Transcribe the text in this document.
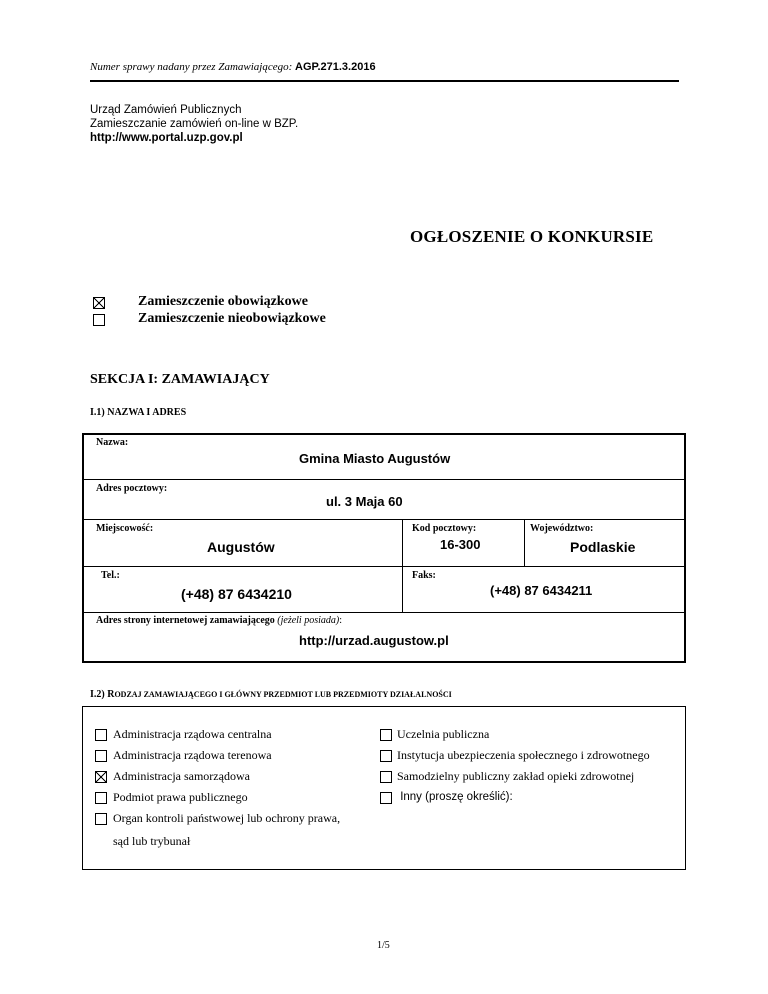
Numer sprawy nadany przez Zamawiającego: AGP.271.3.2016
Urząd Zamówień Publicznych
Zamieszczanie zamówień on-line w BZP.
http://www.portal.uzp.gov.pl
OGŁOSZENIE O KONKURSIE
Zamieszczenie obowiązkowe
Zamieszczenie nieobowiązkowe
SEKCJA I: ZAMAWIAJĄCY
I.1) NAZWA I ADRES
Nazwa:
Gmina Miasto Augustów
Adres pocztowy:
ul. 3 Maja 60
Miejscowość:
Augustów
Kod pocztowy:
16-300
Województwo:
Podlaskie
Tel.:
(+48) 87 6434210
Faks:
(+48) 87 6434211
Adres strony internetowej zamawiającego (jeżeli posiada):
http://urzad.augustow.pl
I.2) RODZAJ ZAMAWIAJĄCEGO I GŁÓWNY PRZEDMIOT LUB PRZEDMIOTY DZIAŁALNOŚCI
Administracja rządowa centralna
Administracja rządowa terenowa
Administracja samorządowa
Podmiot prawa publicznego
Organ kontroli państwowej lub ochrony prawa,
sąd lub trybunał
Uczelnia publiczna
Instytucja ubezpieczenia społecznego i zdrowotnego
Samodzielny publiczny zakład opieki zdrowotnej
Inny (proszę określić):
1/5
